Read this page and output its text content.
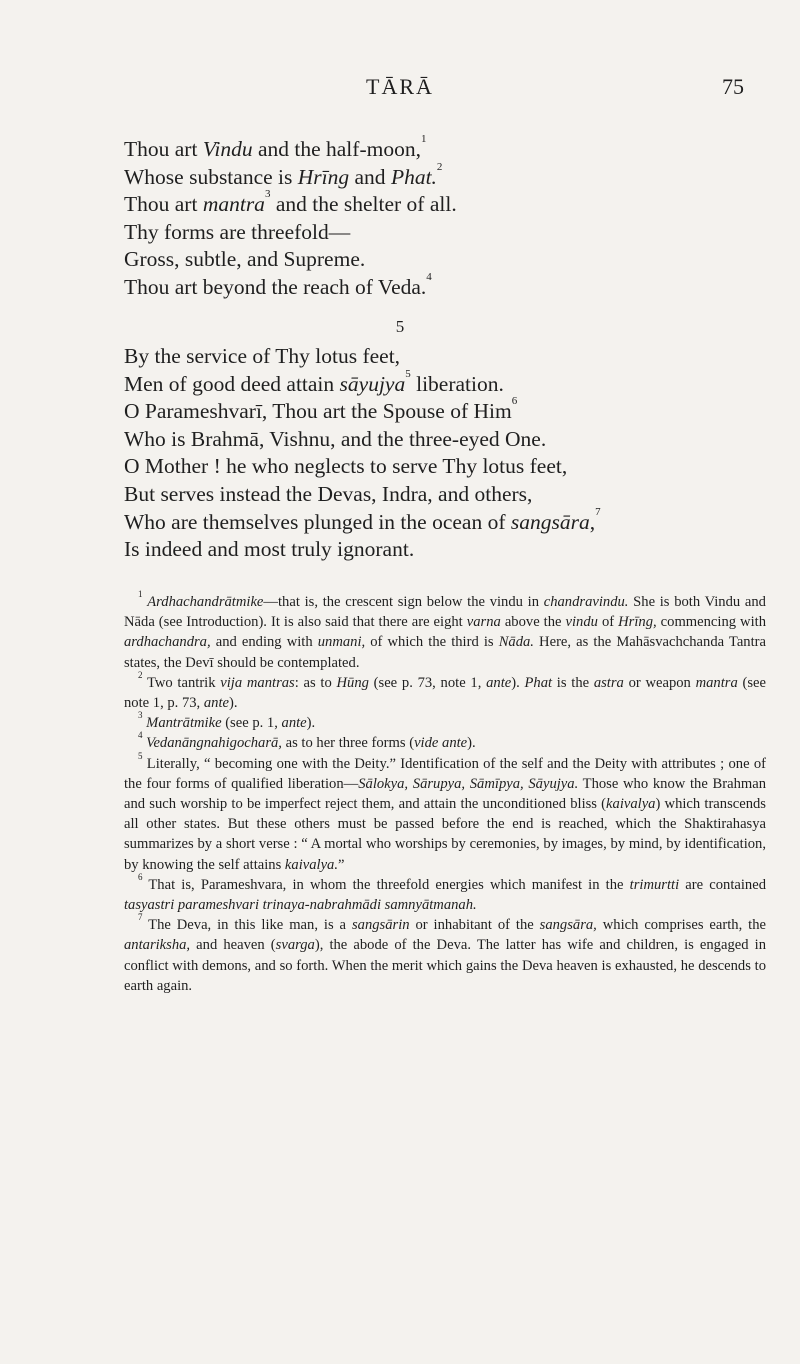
TĀRĀ	75

Thou art Vindu and the half-moon,$^1$

Whose substance is Hrīng and Phat.$^2$

Thou art mantra$^3$ and the shelter of all.

Thy forms are threefold—

Gross, subtle, and Supreme.

Thou art beyond the reach of Veda.$^4$

5

By the service of Thy lotus feet,

Men of good deed attain sāyujya$^5$ liberation.

O Parameshvarī, Thou art the Spouse of Him$^6$

Who is Brahmā, Vishnu, and the three-eyed One.

O Mother ! he who neglects to serve Thy lotus feet,

But serves instead the Devas, Indra, and others,

Who are themselves plunged in the ocean of sangsāra,$^7$

Is indeed and most truly ignorant.

$^1$ Ardhachandrātmike—that is, the crescent sign below the vindu in chandravindu. She is both Vindu and Nāda (see Introduction). It is also said that there are eight varna above the vindu of Hrīng, commencing with ardhachandra, and ending with unmani, of which the third is Nāda. Here, as the Mahāsvachchanda Tantra states, the Devī should be contemplated.

$^2$ Two tantrik vija mantras: as to Hūng (see p. 73, note 1, ante). Phat is the astra or weapon mantra (see note 1, p. 73, ante).

$^3$ Mantrātmike (see p. 1, ante).

$^4$ Vedanāngnahigocharā, as to her three forms (vide ante).

$^5$ Literally, “ becoming one with the Deity.” Identification of the self and the Deity with attributes ; one of the four forms of qualified liberation—Sālokya, Sārupya, Sāmīpya, Sāyujya. Those who know the Brahman and such worship to be imperfect reject them, and attain the unconditioned bliss (kaivalya) which transcends all other states. But these others must be passed before the end is reached, which the Shaktirahasya summarizes by a short verse : “ A mortal who worships by ceremonies, by images, by mind, by identification, by knowing the self attains kaivalya.”

$^6$ That is, Parameshvara, in whom the threefold energies which manifest in the trimurtti are contained tasyastri parameshvari trinaya-nabrahmādi samnyātmanah.

$^7$ The Deva, in this like man, is a sangsārin or inhabitant of the sangsāra, which comprises earth, the antariksha, and heaven (svarga), the abode of the Deva. The latter has wife and children, is engaged in conflict with demons, and so forth. When the merit which gains the Deva heaven is exhausted, he descends to earth again.
